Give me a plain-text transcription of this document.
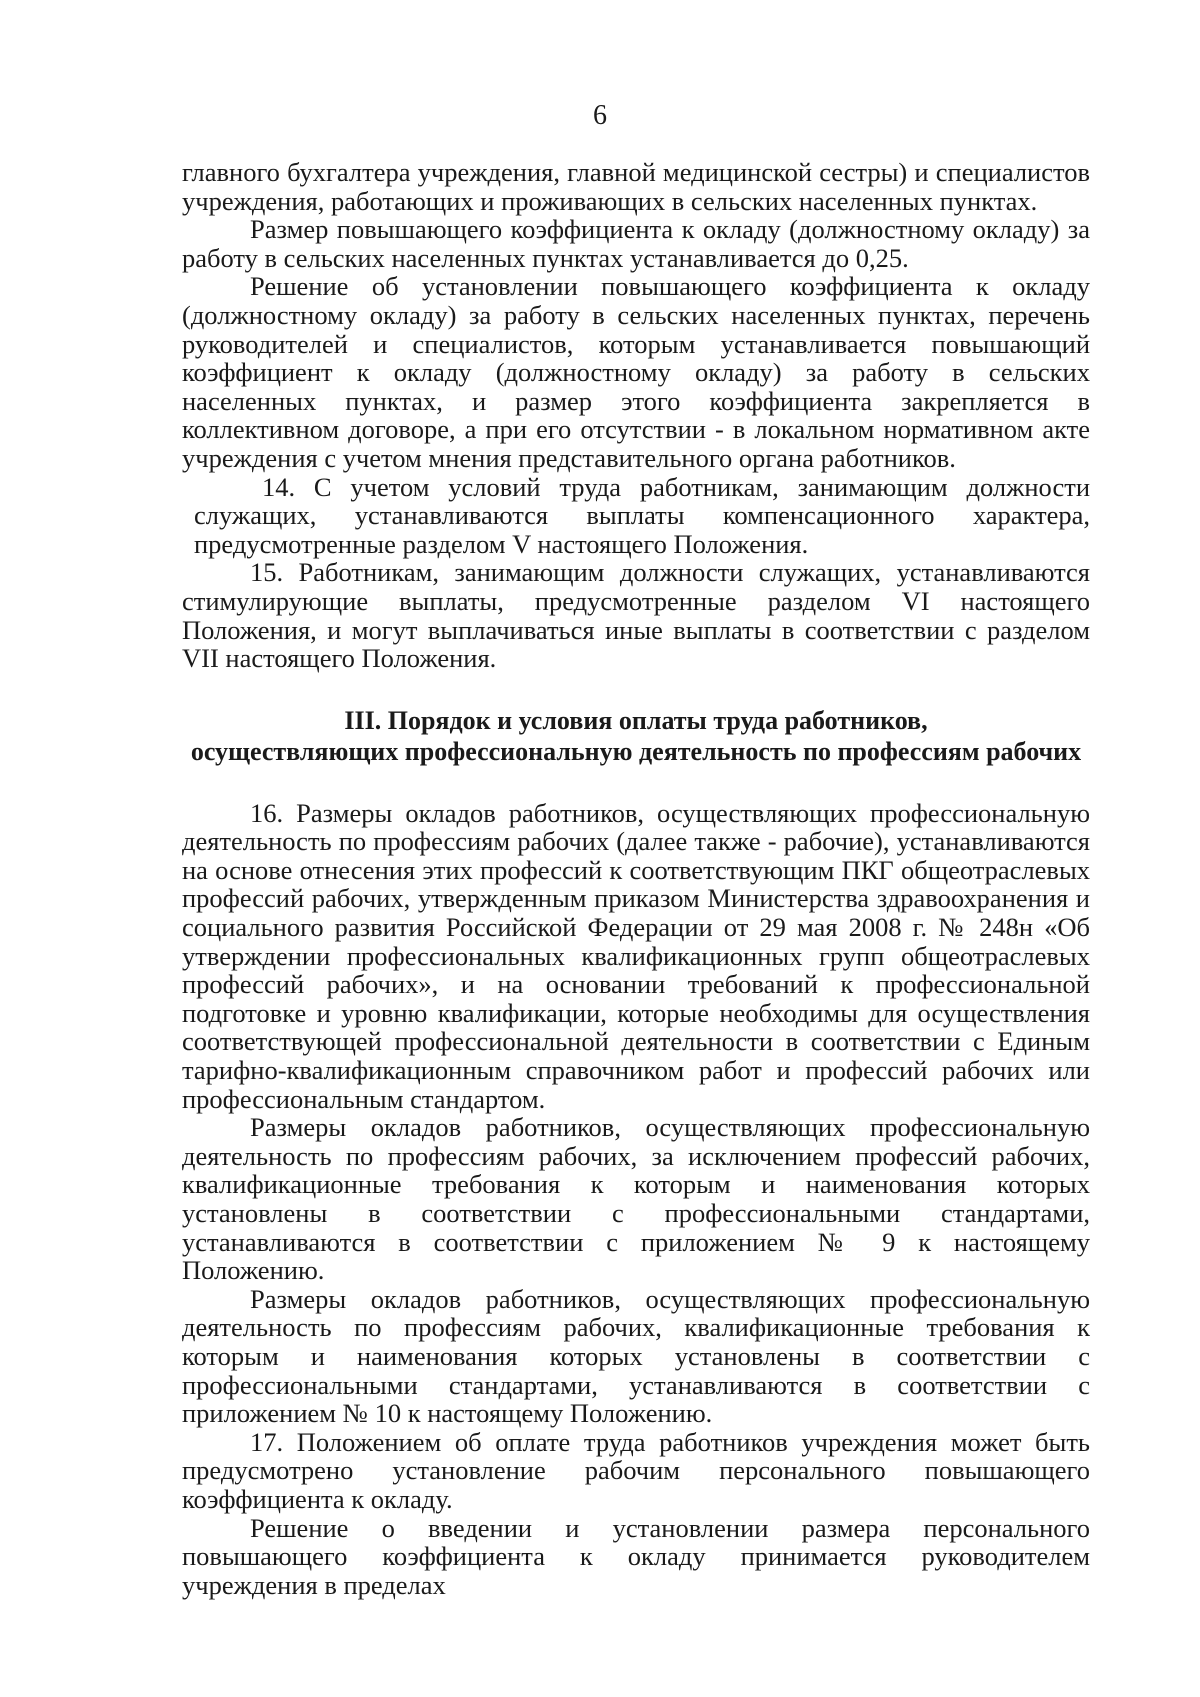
6

главного бухгалтера учреждения, главной медицинской сестры) и специалистов учреждения, работающих и проживающих в сельских населенных пунктах.

Размер повышающего коэффициента к окладу (должностному окладу) за работу в сельских населенных пунктах устанавливается до 0,25.

Решение об установлении повышающего коэффициента к окладу (должностному окладу) за работу в сельских населенных пунктах, перечень руководителей и специалистов, которым устанавливается повышающий коэффициент к окладу (должностному окладу) за работу в сельских населенных пунктах, и размер этого коэффициента закрепляется в коллективном договоре, а при его отсутствии - в локальном нормативном акте учреждения с учетом мнения представительного органа работников.

14. С учетом условий труда работникам, занимающим должности служащих, устанавливаются выплаты компенсационного характера, предусмотренные разделом V настоящего Положения.

15. Работникам, занимающим должности служащих, устанавливаются стимулирующие выплаты, предусмотренные разделом VI настоящего Положения, и могут выплачиваться иные выплаты в соответствии с разделом VII настоящего Положения.

III. Порядок и условия оплаты труда работников,
осуществляющих профессиональную деятельность по профессиям рабочих

16. Размеры окладов работников, осуществляющих профессиональную деятельность по профессиям рабочих (далее также - рабочие), устанавливаются на основе отнесения этих профессий к соответствующим ПКГ общеотраслевых профессий рабочих, утвержденным приказом Министерства здравоохранения и социального развития Российской Федерации от 29 мая 2008 г. № 248н «Об утверждении профессиональных квалификационных групп общеотраслевых профессий рабочих», и на основании требований к профессиональной подготовке и уровню квалификации, которые необходимы для осуществления соответствующей профессиональной деятельности в соответствии с Единым тарифно-квалификационным справочником работ и профессий рабочих или профессиональным стандартом.

Размеры окладов работников, осуществляющих профессиональную деятельность по профессиям рабочих, за исключением профессий рабочих, квалификационные требования к которым и наименования которых установлены в соответствии с профессиональными стандартами, устанавливаются в соответствии с приложением № 9 к настоящему Положению.

Размеры окладов работников, осуществляющих профессиональную деятельность по профессиям рабочих, квалификационные требования к которым и наименования которых установлены в соответствии с профессиональными стандартами, устанавливаются в соответствии с приложением № 10 к настоящему Положению.

17. Положением об оплате труда работников учреждения может быть предусмотрено установление рабочим персонального повышающего коэффициента к окладу.

Решение о введении и установлении размера персонального повышающего коэффициента к окладу принимается руководителем учреждения в пределах
